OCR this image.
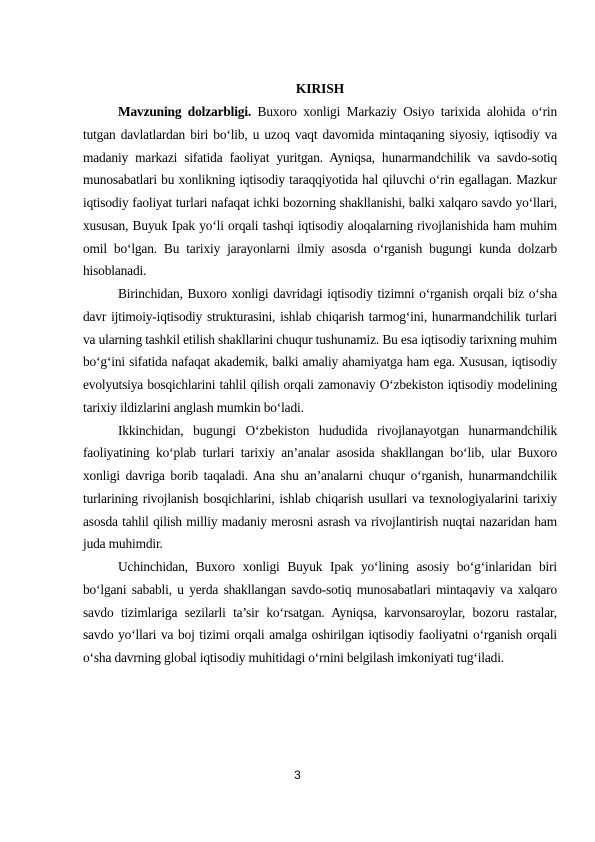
KIRISH

Mavzuning dolzarbligi. Buxoro xonligi Markaziy Osiyo tarixida alohida o‘rin tutgan davlatlardan biri bo‘lib, u uzoq vaqt davomida mintaqaning siyosiy, iqtisodiy va madaniy markazi sifatida faoliyat yuritgan. Ayniqsa, hunarmandchilik va savdo-sotiq munosabatlari bu xonlikning iqtisodiy taraqqiyotida hal qiluvchi o‘rin egallagan. Mazkur iqtisodiy faoliyat turlari nafaqat ichki bozorning shakllanishi, balki xalqaro savdo yo‘llari, xususan, Buyuk Ipak yo‘li orqali tashqi iqtisodiy aloqalarning rivojlanishida ham muhim omil bo‘lgan. Bu tarixiy jarayonlarni ilmiy asosda o‘rganish bugungi kunda dolzarb hisoblanadi.

Birinchidan, Buxoro xonligi davridagi iqtisodiy tizimni o‘rganish orqali biz o‘sha davr ijtimoiy-iqtisodiy strukturasini, ishlab chiqarish tarmog‘ini, hunarmandchilik turlari va ularning tashkil etilish shakllarini chuqur tushunamiz. Bu esa iqtisodiy tarixning muhim bo‘g‘ini sifatida nafaqat akademik, balki amaliy ahamiyatga ham ega. Xususan, iqtisodiy evolyutsiya bosqichlarini tahlil qilish orqali zamonaviy O‘zbekiston iqtisodiy modelining tarixiy ildizlarini anglash mumkin bo‘ladi.

Ikkinchidan, bugungi O‘zbekiston hududida rivojlanayotgan hunarmandchilik faoliyatining ko‘plab turlari tarixiy an’analar asosida shakllangan bo‘lib, ular Buxoro xonligi davriga borib taqaladi. Ana shu an’analarni chuqur o‘rganish, hunarmandchilik turlarining rivojlanish bosqichlarini, ishlab chiqarish usullari va texnologiyalarini tarixiy asosda tahlil qilish milliy madaniy merosni asrash va rivojlantirish nuqtai nazaridan ham juda muhimdir.

Uchinchidan, Buxoro xonligi Buyuk Ipak yo‘lining asosiy bo‘g‘inlaridan biri bo‘lgani sababli, u yerda shakllangan savdo-sotiq munosabatlari mintaqaviy va xalqaro savdo tizimlariga sezilarli ta’sir ko‘rsatgan. Ayniqsa, karvonsaroylar, bozoru rastalar, savdo yo‘llari va boj tizimi orqali amalga oshirilgan iqtisodiy faoliyatni o‘rganish orqali o‘sha davrning global iqtisodiy muhitidagi o‘rnini belgilash imkoniyati tug‘iladi.

3
